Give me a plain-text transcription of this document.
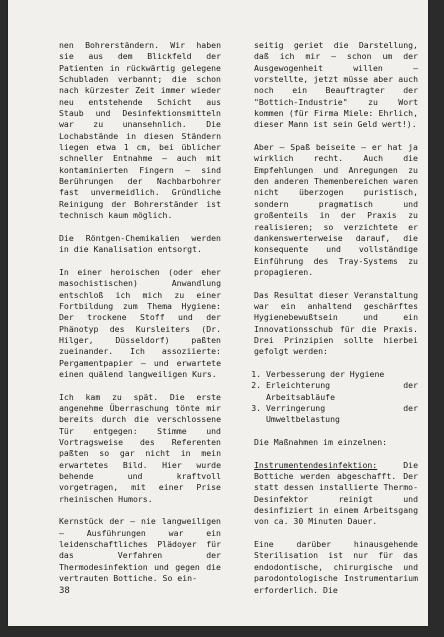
nen Bohrerständern. Wir haben sie aus dem Blickfeld der Patienten in rückwärtig gelegene Schubladen verbannt; die schon nach kürzester Zeit immer wieder neu entstehende Schicht aus Staub und Desinfektionsmitteln war zu unansehnlich. Die Lochabstände in diesen Ständern liegen etwa 1 cm, bei üblicher schneller Entnahme – auch mit kontaminierten Fingern – sind Berührungen der Nachbarbohrer fast unvermeidlich. Gründliche Reinigung der Bohrerständer ist technisch kaum möglich.

Die Röntgen-Chemikalien werden in die Kanalisation entsorgt.

In einer heroischen (oder eher masochistischen) Anwandlung entschloß ich mich zu einer Fortbildung zum Thema Hygiene: Der trockene Stoff und der Phänotyp des Kursleiters (Dr. Hilger, Düsseldorf) paßten zueinander. Ich assoziierte: Pergamentpapier – und erwartete einen quälend langweiligen Kurs.

Ich kam zu spät. Die erste angenehme Überraschung tönte mir bereits durch die verschlossene Tür entgegen: Stimme und Vortragsweise des Referenten paßten so gar nicht in mein erwartetes Bild. Hier wurde behende und kraftvoll vorgetragen, mit einer Prise rheinischen Humors.

Kernstück der – nie langweiligen – Ausführungen war ein leidenschaftliches Plädoyer für das Verfahren der Thermodesinfektion und gegen die vertrauten Bottiche. So ein-

seitig geriet die Darstellung, daß ich mir – schon um der Ausgewogenheit willen – vorstellte, jetzt müsse aber auch noch ein Beauftragter der "Bottich-Industrie" zu Wort kommen (für Firma Miele: Ehrlich, dieser Mann ist sein Geld wert!).

Aber – Spaß beiseite – er hat ja wirklich recht. Auch die Empfehlungen und Anregungen zu den anderen Themenbereichen waren nicht überzogen puristisch, sondern pragmatisch und großenteils in der Praxis zu realisieren; so verzichtete er dankenswerterweise darauf, die konsequente und vollständige Einführung des Tray-Systems zu propagieren.

Das Resultat dieser Veranstaltung war ein anhaltend geschärftes Hygienebewußtsein und ein Innovationsschub für die Praxis. Drei Prinzipien sollte hierbei gefolgt werden:

1. Verbesserung der Hygiene
2. Erleichterung der Arbeitsabläufe
3. Verringerung der Umweltbelastung

Die Maßnahmen im einzelnen:

Instrumentendesinfektion: Die Bottiche werden abgeschafft. Der statt dessen installierte Thermo-Desinfektor reinigt und desinfiziert in einem Arbeitsgang von ca. 30 Minuten Dauer.

Eine darüber hinausgehende Sterilisation ist nur für das endodontische, chirurgische und parodontologische Instrumentarium erforderlich. Die

38
